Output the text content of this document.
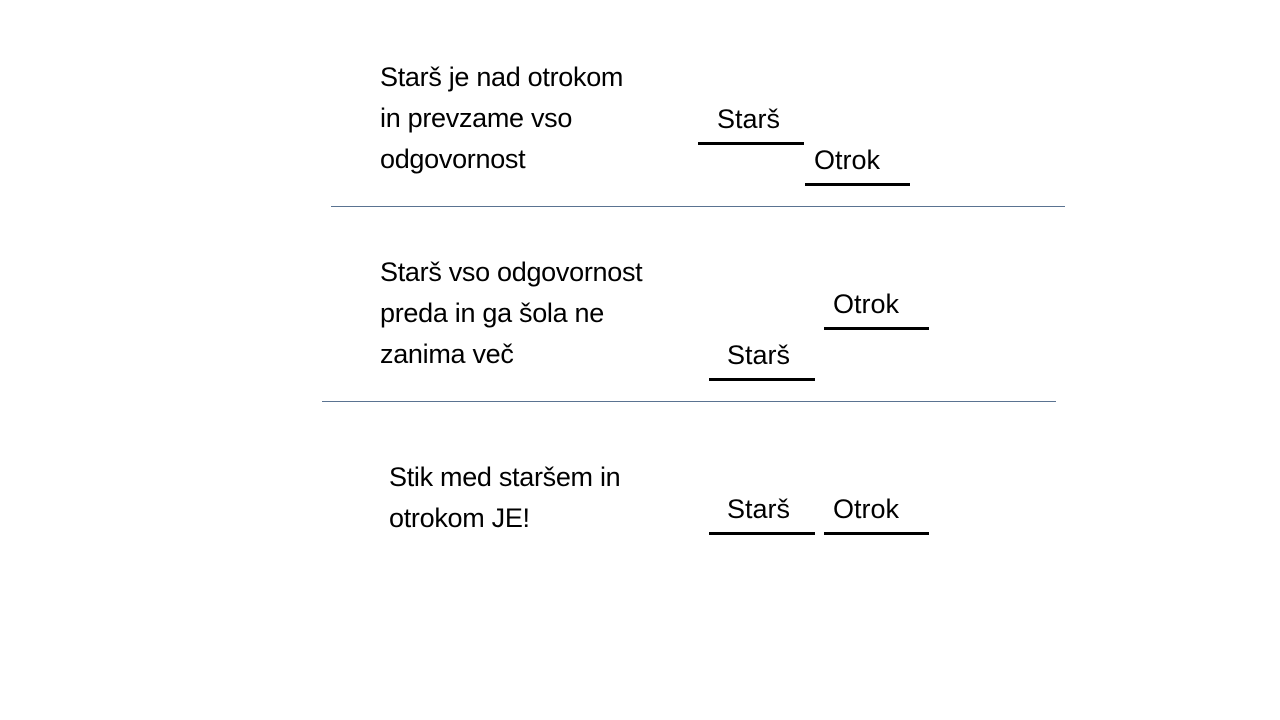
Starš je nad otrokom
in prevzame vso
odgovornost
Starš
Otrok
Starš vso odgovornost
preda in ga šola ne
zanima več
Otrok
Starš
Stik med staršem in
otrokom JE!	Starš Otrok
